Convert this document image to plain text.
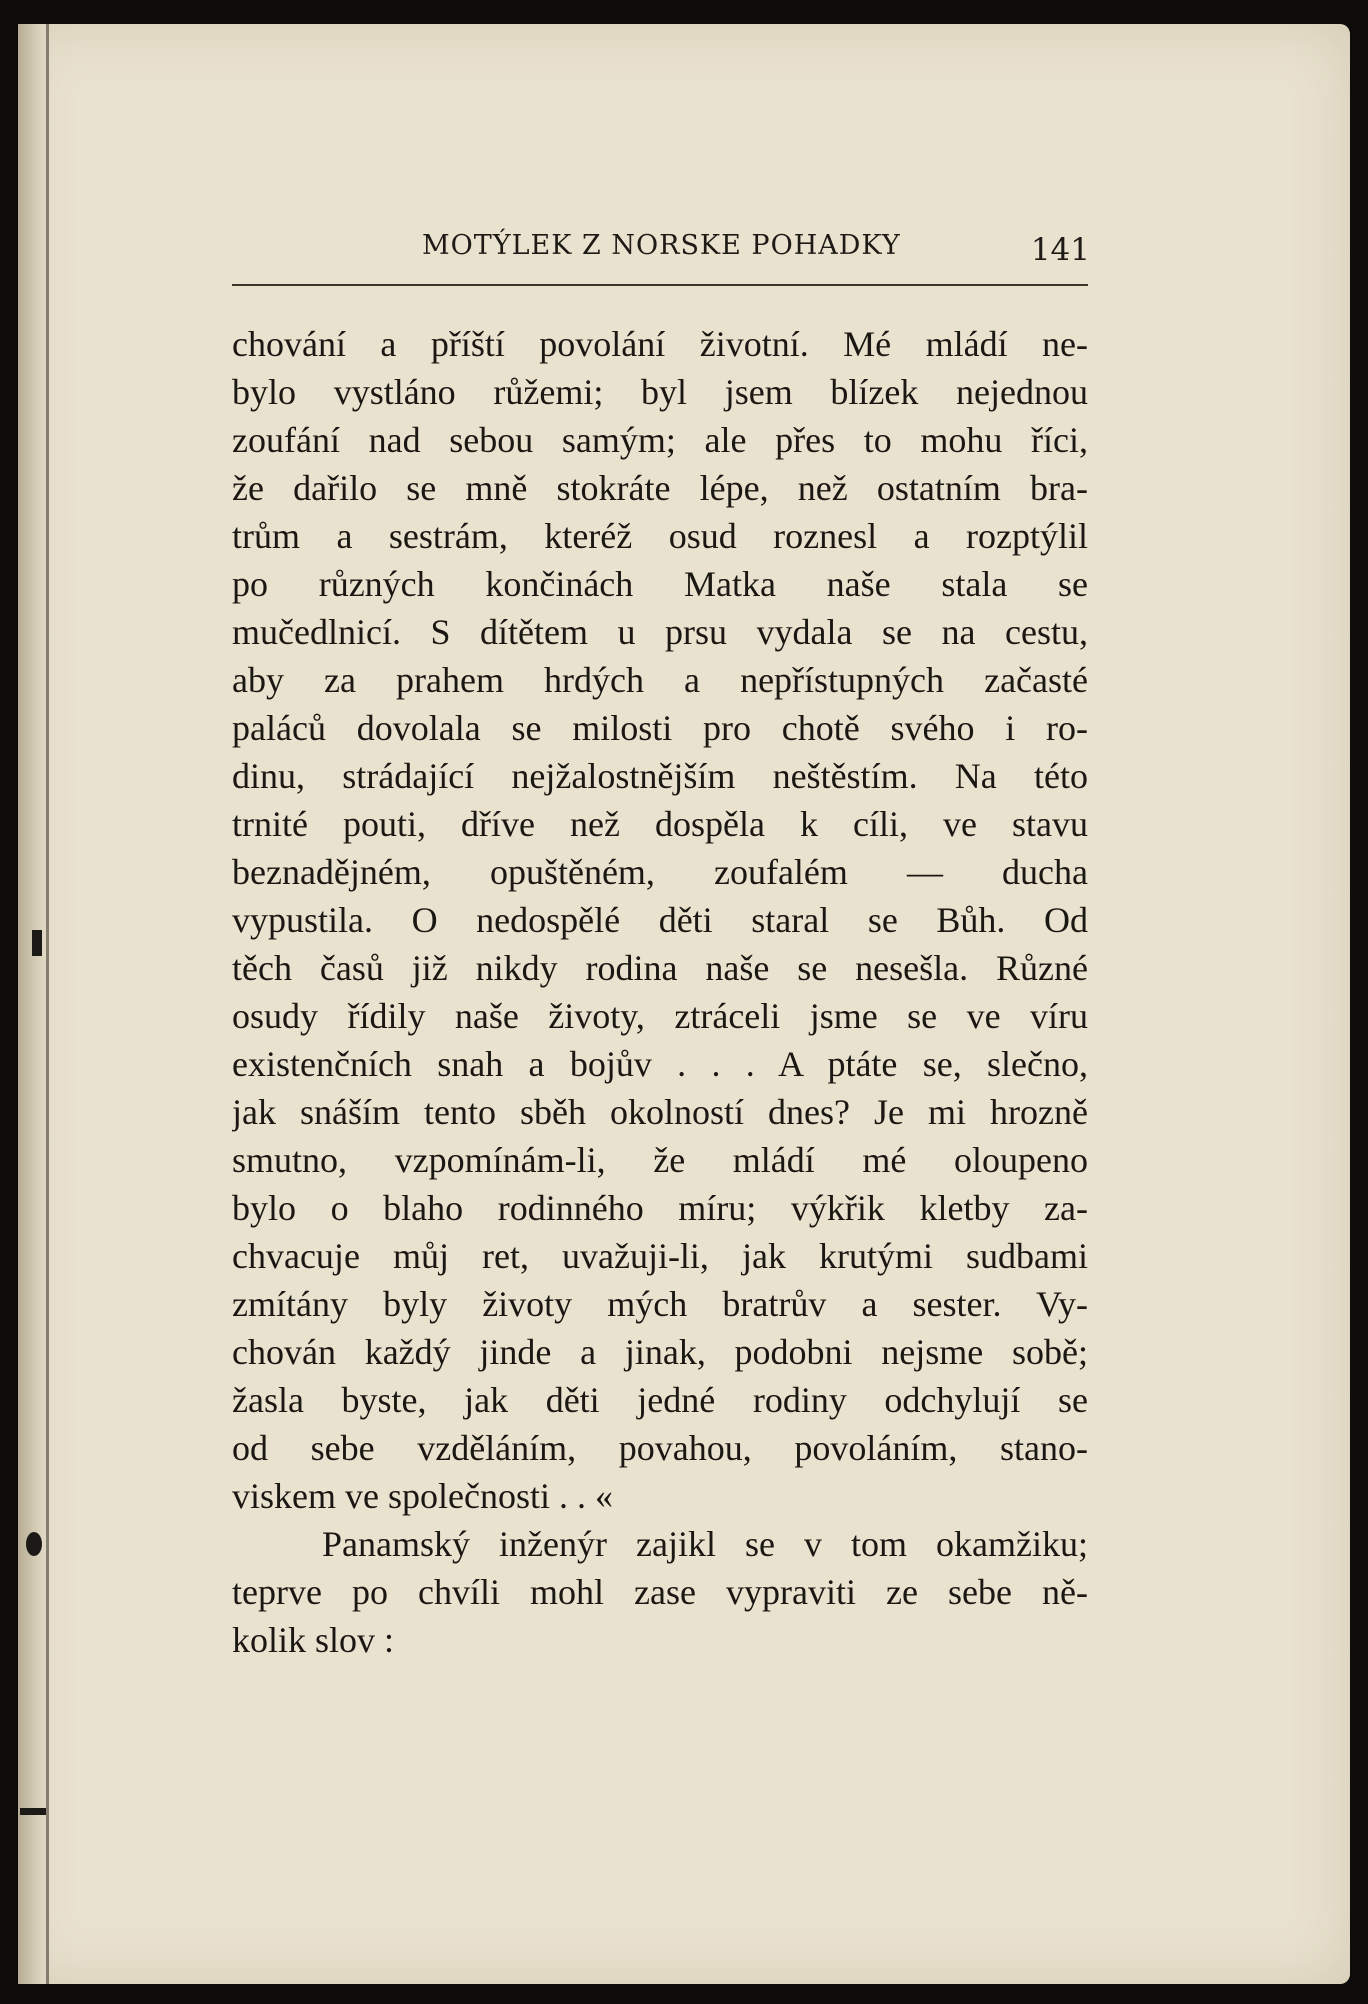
MOTÝLEK Z NORSKE POHADKY	141
chování a příští povolání životní. Mé mládí ne-
bylo vystláno růžemi; byl jsem blízek nejednou
zoufání nad sebou samým; ale přes to mohu říci,
že dařilo se mně stokráte lépe, než ostatním bra-
trům a sestrám, kteréž osud roznesl a rozptýlil
po různých končinách Matka naše stala se
mučedlnicí. S dítětem u prsu vydala se na cestu,
aby za prahem hrdých a nepřístupných začasté
paláců dovolala se milosti pro chotě svého i ro-
dinu, strádající nejžalostnějším neštěstím. Na této
trnité pouti, dříve než dospěla k cíli, ve stavu
beznadějném, opuštěném, zoufalém — ducha
vypustila. O nedospělé děti staral se Bůh. Od
těch časů již nikdy rodina naše se nesešla. Různé
osudy řídily naše životy, ztráceli jsme se ve víru
existenčních snah a bojův . . . A ptáte se, slečno,
jak snáším tento sběh okolností dnes? Je mi hrozně
smutno, vzpomínám-li, že mládí mé oloupeno
bylo o blaho rodinného míru; výkřik kletby za-
chvacuje můj ret, uvažuji-li, jak krutými sudbami
zmítány byly životy mých bratrův a sester. Vy-
chován každý jinde a jinak, podobni nejsme sobě;
žasla byste, jak děti jedné rodiny odchylují se
od sebe vzděláním, povahou, povoláním, stano-
viskem ve společnosti . . «
Panamský inženýr zajikl se v tom okamžiku;
teprve po chvíli mohl zase vypraviti ze sebe ně-
kolik slov :
